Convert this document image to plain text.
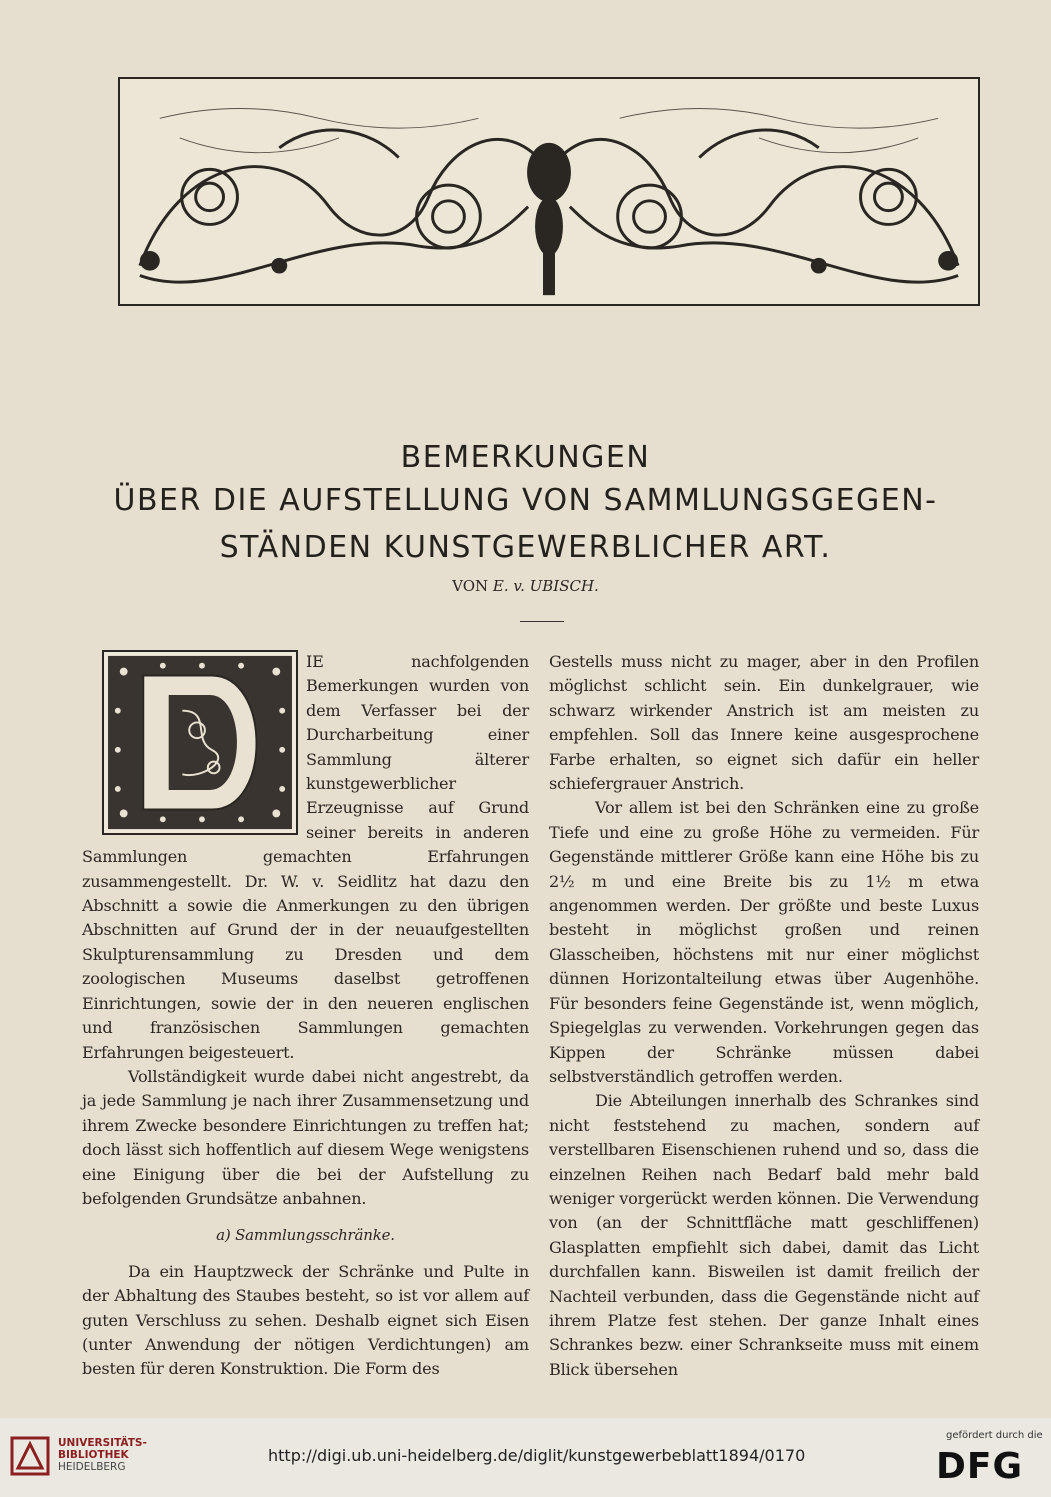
BEMERKUNGEN
ÜBER DIE AUFSTELLUNG VON SAMMLUNGSGEGEN-
STÄNDEN KUNSTGEWERBLICHER ART.
VON E. v. UBISCH.

IE nachfolgenden Bemerkungen wurden von dem Verfasser bei der Durcharbeitung einer Sammlung älterer kunstgewerblicher Erzeugnisse auf Grund seiner bereits in anderen Sammlungen gemachten Erfahrungen zusammengestellt. Dr. W. v. Seidlitz hat dazu den Abschnitt a sowie die Anmerkungen zu den übrigen Abschnitten auf Grund der in der neuaufgestellten Skulpturensammlung zu Dresden und dem zoologischen Museums daselbst getroffenen Einrichtungen, sowie der in den neueren englischen und französischen Sammlungen gemachten Erfahrungen beigesteuert.

Vollständigkeit wurde dabei nicht angestrebt, da ja jede Sammlung je nach ihrer Zusammensetzung und ihrem Zwecke besondere Einrichtungen zu treffen hat; doch lässt sich hoffentlich auf diesem Wege wenigstens eine Einigung über die bei der Aufstellung zu befolgenden Grundsätze anbahnen.

a) Sammlungsschränke.

Da ein Hauptzweck der Schränke und Pulte in der Abhaltung des Staubes besteht, so ist vor allem auf guten Verschluss zu sehen. Deshalb eignet sich Eisen (unter Anwendung der nötigen Verdichtungen) am besten für deren Konstruktion. Die Form des

Gestells muss nicht zu mager, aber in den Profilen möglichst schlicht sein. Ein dunkelgrauer, wie schwarz wirkender Anstrich ist am meisten zu empfehlen. Soll das Innere keine ausgesprochene Farbe erhalten, so eignet sich dafür ein heller schiefergrauer Anstrich.

Vor allem ist bei den Schränken eine zu große Tiefe und eine zu große Höhe zu vermeiden. Für Gegenstände mittlerer Größe kann eine Höhe bis zu 2½ m und eine Breite bis zu 1½ m etwa angenommen werden. Der größte und beste Luxus besteht in möglichst großen und reinen Glasscheiben, höchstens mit nur einer möglichst dünnen Horizontalteilung etwas über Augenhöhe. Für besonders feine Gegenstände ist, wenn möglich, Spiegelglas zu verwenden. Vorkehrungen gegen das Kippen der Schränke müssen dabei selbstverständlich getroffen werden.

Die Abteilungen innerhalb des Schrankes sind nicht feststehend zu machen, sondern auf verstellbaren Eisenschienen ruhend und so, dass die einzelnen Reihen nach Bedarf bald mehr bald weniger vorgerückt werden können. Die Verwendung von (an der Schnittfläche matt geschliffenen) Glasplatten empfiehlt sich dabei, damit das Licht durchfallen kann. Bisweilen ist damit freilich der Nachteil verbunden, dass die Gegenstände nicht auf ihrem Platze fest stehen. Der ganze Inhalt eines Schrankes bezw. einer Schrankseite muss mit einem Blick übersehen

UNIVERSITÄTS-
BIBLIOTHEK
HEIDELBERG
http://digi.ub.uni-heidelberg.de/diglit/kunstgewerbeblatt1894/0170
gefördert durch die
DFG
